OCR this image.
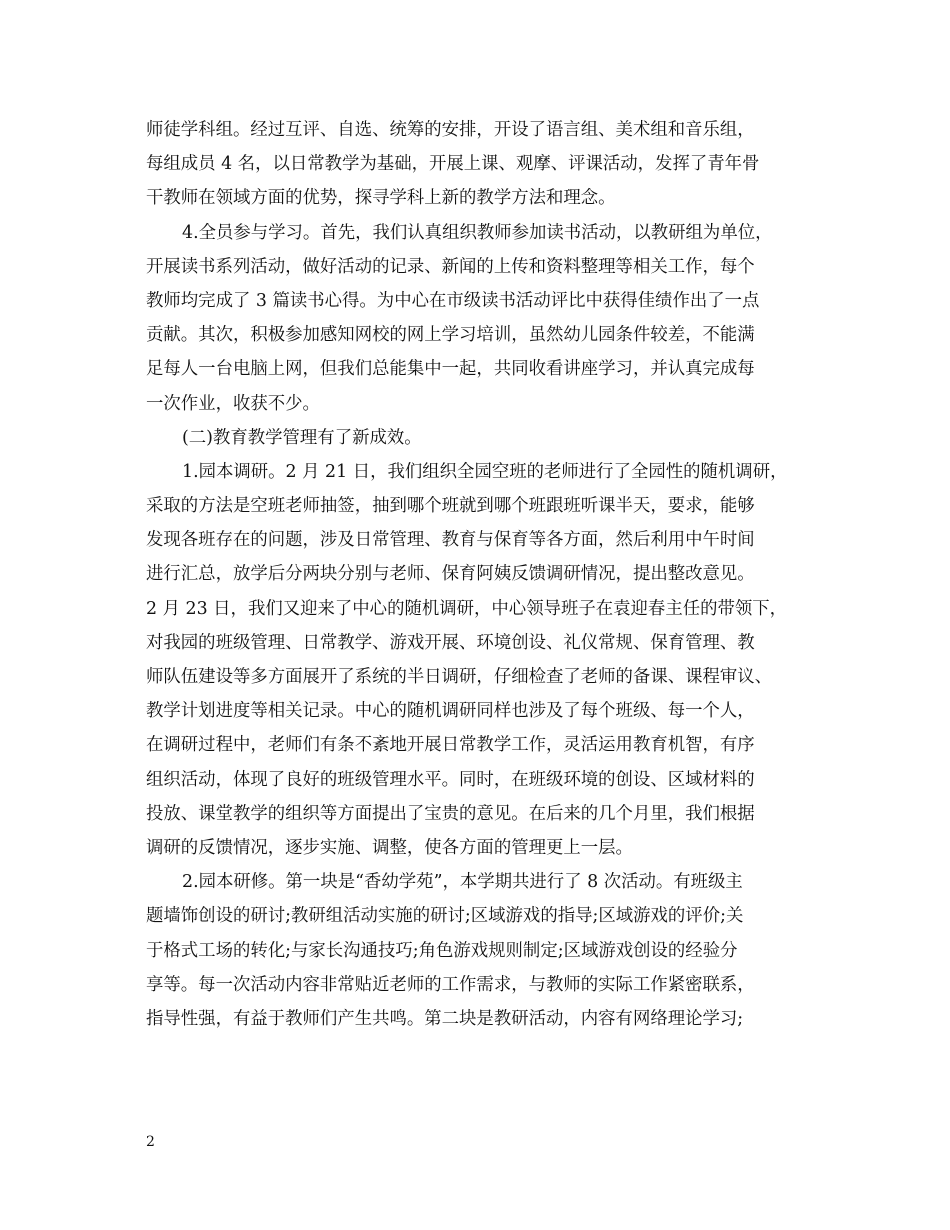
师徒学科组。经过互评、自选、统筹的安排，开设了语言组、美术组和音乐组，
每组成员 4 名，以日常教学为基础，开展上课、观摩、评课活动，发挥了青年骨
干教师在领域方面的优势，探寻学科上新的教学方法和理念。
4.全员参与学习。首先，我们认真组织教师参加读书活动，以教研组为单位，
开展读书系列活动，做好活动的记录、新闻的上传和资料整理等相关工作，每个
教师均完成了 3 篇读书心得。为中心在市级读书活动评比中获得佳绩作出了一点
贡献。其次，积极参加感知网校的网上学习培训，虽然幼儿园条件较差，不能满
足每人一台电脑上网，但我们总能集中一起，共同收看讲座学习，并认真完成每
一次作业，收获不少。
(二)教育教学管理有了新成效。
1.园本调研。2 月 21 日，我们组织全园空班的老师进行了全园性的随机调研，
采取的方法是空班老师抽签，抽到哪个班就到哪个班跟班听课半天，要求，能够
发现各班存在的问题，涉及日常管理、教育与保育等各方面，然后利用中午时间
进行汇总，放学后分两块分别与老师、保育阿姨反馈调研情况，提出整改意见。
2 月 23 日，我们又迎来了中心的随机调研，中心领导班子在袁迎春主任的带领下，
对我园的班级管理、日常教学、游戏开展、环境创设、礼仪常规、保育管理、教
师队伍建设等多方面展开了系统的半日调研，仔细检查了老师的备课、课程审议、
教学计划进度等相关记录。中心的随机调研同样也涉及了每个班级、每一个人，
在调研过程中，老师们有条不紊地开展日常教学工作，灵活运用教育机智，有序
组织活动，体现了良好的班级管理水平。同时，在班级环境的创设、区域材料的
投放、课堂教学的组织等方面提出了宝贵的意见。在后来的几个月里，我们根据
调研的反馈情况，逐步实施、调整，使各方面的管理更上一层。
2.园本研修。第一块是“香幼学苑”，本学期共进行了 8 次活动。有班级主
题墙饰创设的研讨;教研组活动实施的研讨;区域游戏的指导;区域游戏的评价;关
于格式工场的转化;与家长沟通技巧;角色游戏规则制定;区域游戏创设的经验分
享等。每一次活动内容非常贴近老师的工作需求，与教师的实际工作紧密联系，
指导性强，有益于教师们产生共鸣。第二块是教研活动，内容有网络理论学习;
2
